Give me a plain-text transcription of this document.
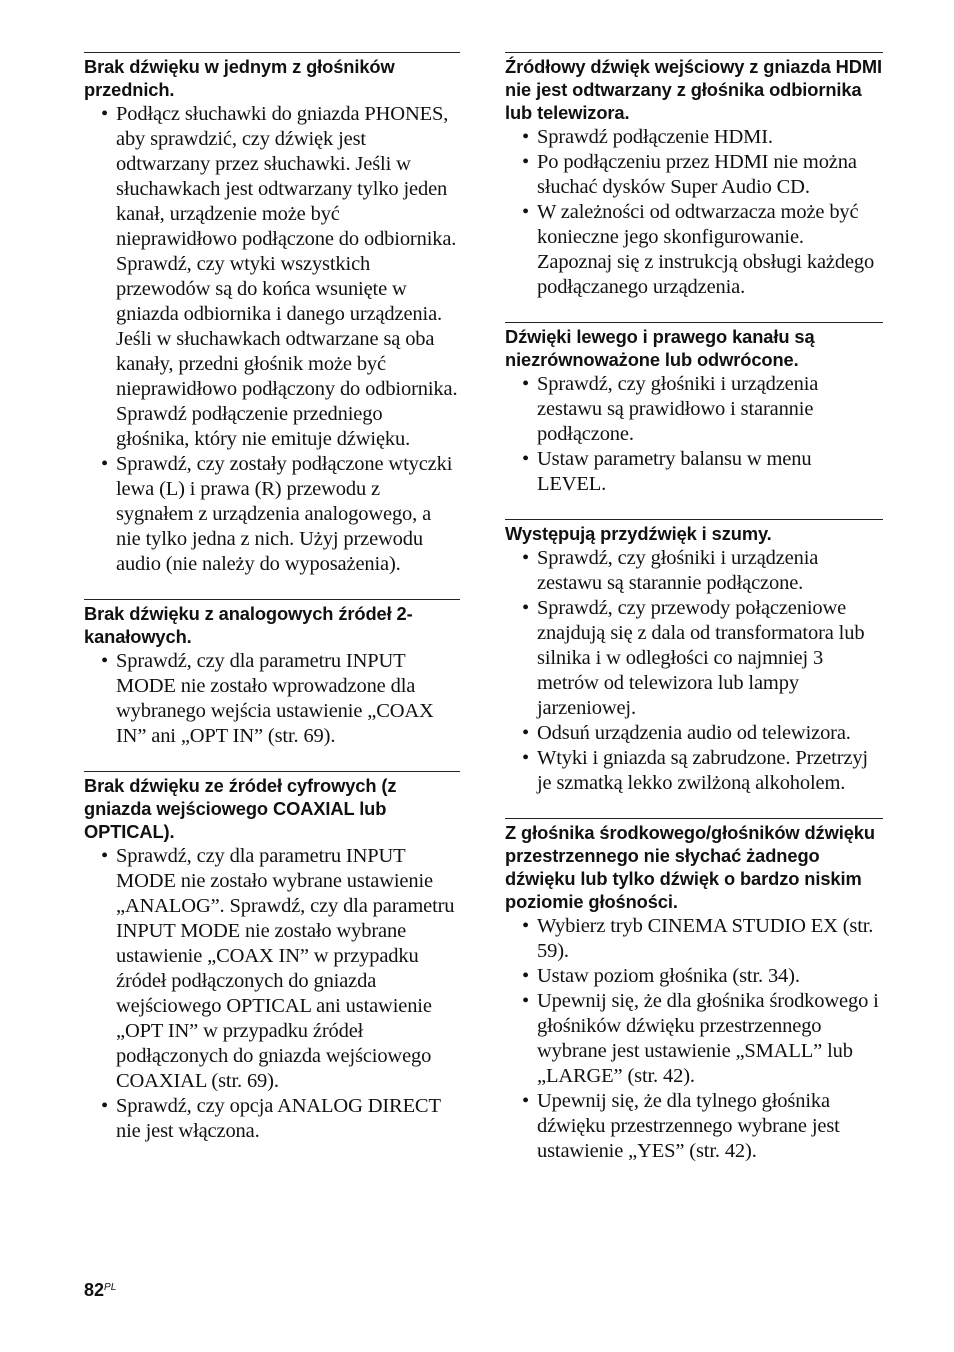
Brak dźwięku w jednym z głośników przednich.
• Podłącz słuchawki do gniazda PHONES, aby sprawdzić, czy dźwięk jest odtwarzany przez słuchawki. Jeśli w słuchawkach jest odtwarzany tylko jeden kanał, urządzenie może być nieprawidłowo podłączone do odbiornika. Sprawdź, czy wtyki wszystkich przewodów są do końca wsunięte w gniazda odbiornika i danego urządzenia. Jeśli w słuchawkach odtwarzane są oba kanały, przedni głośnik może być nieprawidłowo podłączony do odbiornika. Sprawdź podłączenie przedniego głośnika, który nie emituje dźwięku.
• Sprawdź, czy zostały podłączone wtyczki lewa (L) i prawa (R) przewodu z sygnałem z urządzenia analogowego, a nie tylko jedna z nich. Użyj przewodu audio (nie należy do wyposażenia).
Brak dźwięku z analogowych źródeł 2-kanałowych.
• Sprawdź, czy dla parametru INPUT MODE nie zostało wprowadzone dla wybranego wejścia ustawienie „COAX IN” ani „OPT IN” (str. 69).
Brak dźwięku ze źródeł cyfrowych (z gniazda wejściowego COAXIAL lub OPTICAL).
• Sprawdź, czy dla parametru INPUT MODE nie zostało wybrane ustawienie „ANALOG”. Sprawdź, czy dla parametru INPUT MODE nie zostało wybrane ustawienie „COAX IN” w przypadku źródeł podłączonych do gniazda wejściowego OPTICAL ani ustawienie „OPT IN” w przypadku źródeł podłączonych do gniazda wejściowego COAXIAL (str. 69).
• Sprawdź, czy opcja ANALOG DIRECT nie jest włączona.
Źródłowy dźwięk wejściowy z gniazda HDMI nie jest odtwarzany z głośnika odbiornika lub telewizora.
• Sprawdź podłączenie HDMI.
• Po podłączeniu przez HDMI nie można słuchać dysków Super Audio CD.
• W zależności od odtwarzacza może być konieczne jego skonfigurowanie. Zapoznaj się z instrukcją obsługi każdego podłączanego urządzenia.
Dźwięki lewego i prawego kanału są niezrównoważone lub odwrócone.
• Sprawdź, czy głośniki i urządzenia zestawu są prawidłowo i starannie podłączone.
• Ustaw parametry balansu w menu LEVEL.
Występują przydźwięk i szumy.
• Sprawdź, czy głośniki i urządzenia zestawu są starannie podłączone.
• Sprawdź, czy przewody połączeniowe znajdują się z dala od transformatora lub silnika i w odległości co najmniej 3 metrów od telewizora lub lampy jarzeniowej.
• Odsuń urządzenia audio od telewizora.
• Wtyki i gniazda są zabrudzone. Przetrzyj je szmatką lekko zwilżoną alkoholem.
Z głośnika środkowego/głośników dźwięku przestrzennego nie słychać żadnego dźwięku lub tylko dźwięk o bardzo niskim poziomie głośności.
• Wybierz tryb CINEMA STUDIO EX (str. 59).
• Ustaw poziom głośnika (str. 34).
• Upewnij się, że dla głośnika środkowego i głośników dźwięku przestrzennego wybrane jest ustawienie „SMALL” lub „LARGE” (str. 42).
• Upewnij się, że dla tylnego głośnika dźwięku przestrzennego wybrane jest ustawienie „YES” (str. 42).
$82^{PL}$
